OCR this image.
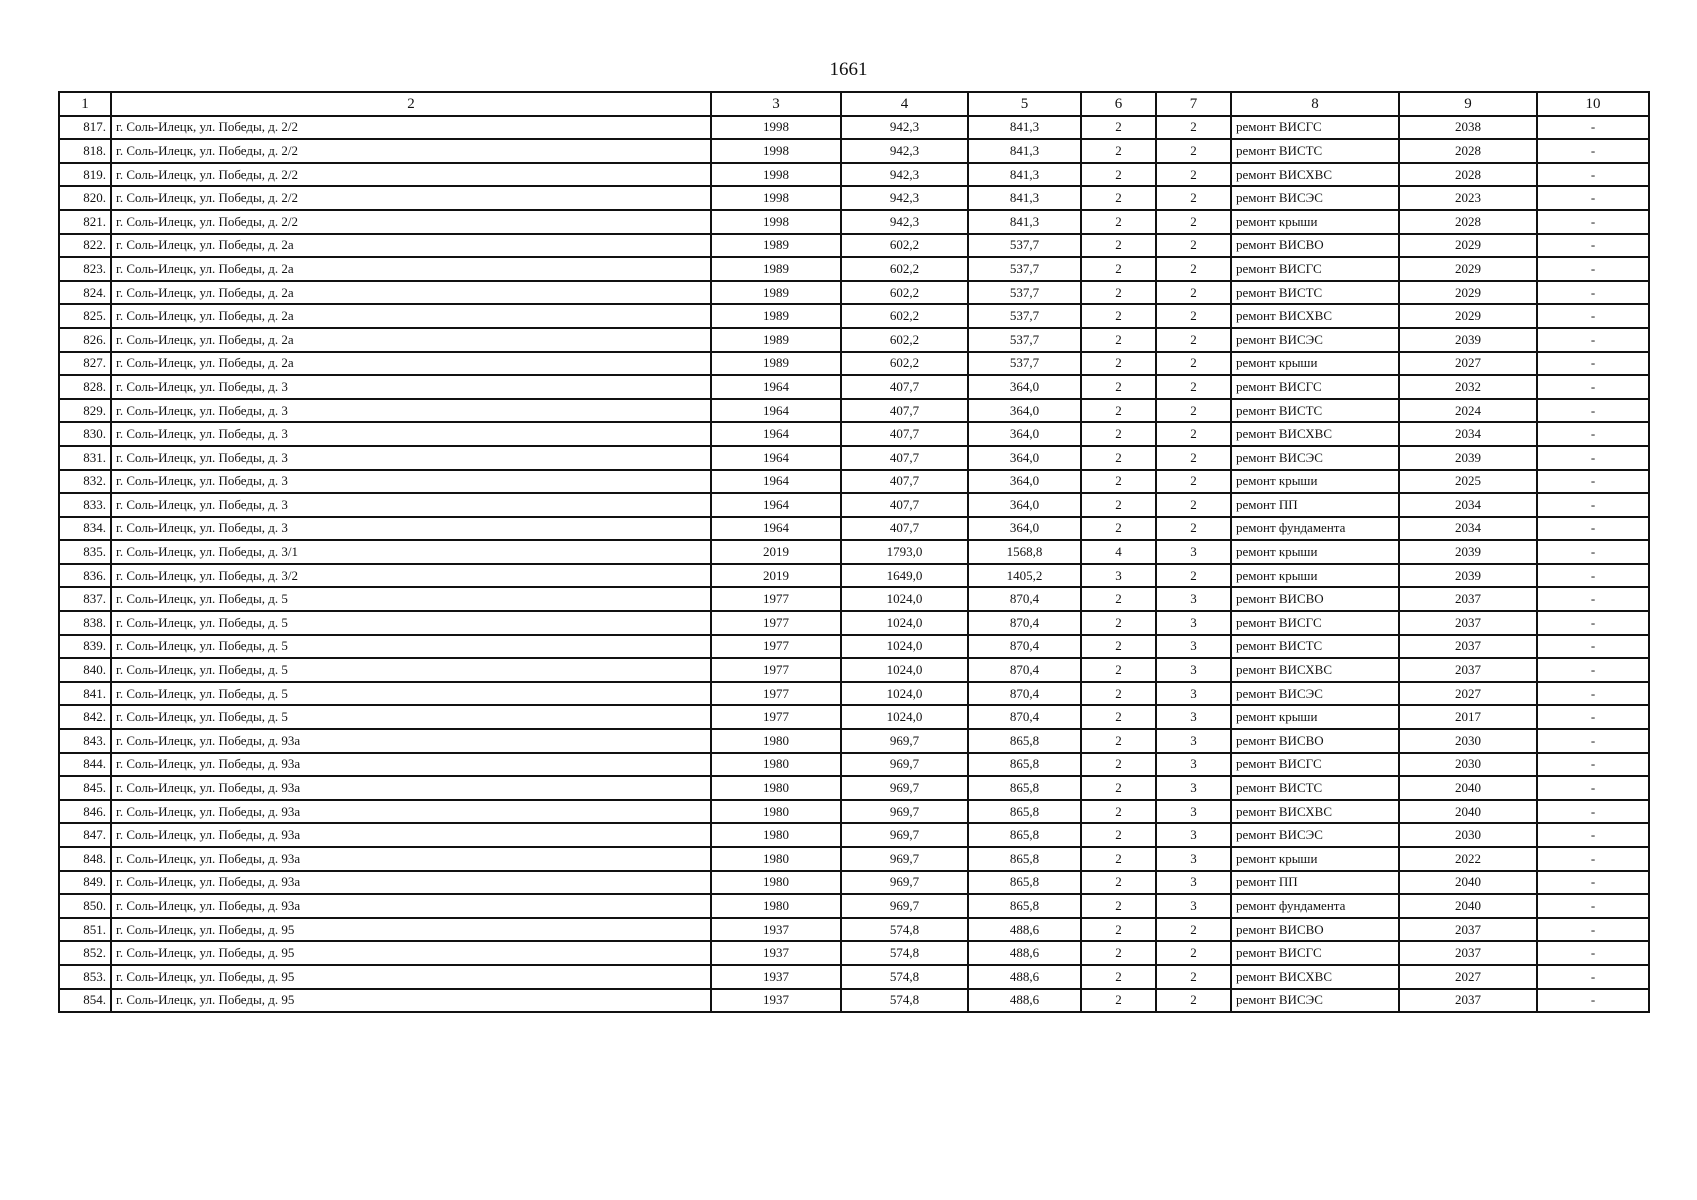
1661
1	2	3	4	5	6	7	8	9	10
817.	г. Соль-Илецк, ул. Победы, д. 2/2	1998	942,3	841,3	2	2	ремонт ВИСГС	2038	-
818.	г. Соль-Илецк, ул. Победы, д. 2/2	1998	942,3	841,3	2	2	ремонт ВИСТС	2028	-
819.	г. Соль-Илецк, ул. Победы, д. 2/2	1998	942,3	841,3	2	2	ремонт ВИСХВС	2028	-
820.	г. Соль-Илецк, ул. Победы, д. 2/2	1998	942,3	841,3	2	2	ремонт ВИСЭС	2023	-
821.	г. Соль-Илецк, ул. Победы, д. 2/2	1998	942,3	841,3	2	2	ремонт крыши	2028	-
822.	г. Соль-Илецк, ул. Победы, д. 2а	1989	602,2	537,7	2	2	ремонт ВИСВО	2029	-
823.	г. Соль-Илецк, ул. Победы, д. 2а	1989	602,2	537,7	2	2	ремонт ВИСГС	2029	-
824.	г. Соль-Илецк, ул. Победы, д. 2а	1989	602,2	537,7	2	2	ремонт ВИСТС	2029	-
825.	г. Соль-Илецк, ул. Победы, д. 2а	1989	602,2	537,7	2	2	ремонт ВИСХВС	2029	-
826.	г. Соль-Илецк, ул. Победы, д. 2а	1989	602,2	537,7	2	2	ремонт ВИСЭС	2039	-
827.	г. Соль-Илецк, ул. Победы, д. 2а	1989	602,2	537,7	2	2	ремонт крыши	2027	-
828.	г. Соль-Илецк, ул. Победы, д. 3	1964	407,7	364,0	2	2	ремонт ВИСГС	2032	-
829.	г. Соль-Илецк, ул. Победы, д. 3	1964	407,7	364,0	2	2	ремонт ВИСТС	2024	-
830.	г. Соль-Илецк, ул. Победы, д. 3	1964	407,7	364,0	2	2	ремонт ВИСХВС	2034	-
831.	г. Соль-Илецк, ул. Победы, д. 3	1964	407,7	364,0	2	2	ремонт ВИСЭС	2039	-
832.	г. Соль-Илецк, ул. Победы, д. 3	1964	407,7	364,0	2	2	ремонт крыши	2025	-
833.	г. Соль-Илецк, ул. Победы, д. 3	1964	407,7	364,0	2	2	ремонт ПП	2034	-
834.	г. Соль-Илецк, ул. Победы, д. 3	1964	407,7	364,0	2	2	ремонт фундамента	2034	-
835.	г. Соль-Илецк, ул. Победы, д. 3/1	2019	1793,0	1568,8	4	3	ремонт крыши	2039	-
836.	г. Соль-Илецк, ул. Победы, д. 3/2	2019	1649,0	1405,2	3	2	ремонт крыши	2039	-
837.	г. Соль-Илецк, ул. Победы, д. 5	1977	1024,0	870,4	2	3	ремонт ВИСВО	2037	-
838.	г. Соль-Илецк, ул. Победы, д. 5	1977	1024,0	870,4	2	3	ремонт ВИСГС	2037	-
839.	г. Соль-Илецк, ул. Победы, д. 5	1977	1024,0	870,4	2	3	ремонт ВИСТС	2037	-
840.	г. Соль-Илецк, ул. Победы, д. 5	1977	1024,0	870,4	2	3	ремонт ВИСХВС	2037	-
841.	г. Соль-Илецк, ул. Победы, д. 5	1977	1024,0	870,4	2	3	ремонт ВИСЭС	2027	-
842.	г. Соль-Илецк, ул. Победы, д. 5	1977	1024,0	870,4	2	3	ремонт крыши	2017	-
843.	г. Соль-Илецк, ул. Победы, д. 93а	1980	969,7	865,8	2	3	ремонт ВИСВО	2030	-
844.	г. Соль-Илецк, ул. Победы, д. 93а	1980	969,7	865,8	2	3	ремонт ВИСГС	2030	-
845.	г. Соль-Илецк, ул. Победы, д. 93а	1980	969,7	865,8	2	3	ремонт ВИСТС	2040	-
846.	г. Соль-Илецк, ул. Победы, д. 93а	1980	969,7	865,8	2	3	ремонт ВИСХВС	2040	-
847.	г. Соль-Илецк, ул. Победы, д. 93а	1980	969,7	865,8	2	3	ремонт ВИСЭС	2030	-
848.	г. Соль-Илецк, ул. Победы, д. 93а	1980	969,7	865,8	2	3	ремонт крыши	2022	-
849.	г. Соль-Илецк, ул. Победы, д. 93а	1980	969,7	865,8	2	3	ремонт ПП	2040	-
850.	г. Соль-Илецк, ул. Победы, д. 93а	1980	969,7	865,8	2	3	ремонт фундамента	2040	-
851.	г. Соль-Илецк, ул. Победы, д. 95	1937	574,8	488,6	2	2	ремонт ВИСВО	2037	-
852.	г. Соль-Илецк, ул. Победы, д. 95	1937	574,8	488,6	2	2	ремонт ВИСГС	2037	-
853.	г. Соль-Илецк, ул. Победы, д. 95	1937	574,8	488,6	2	2	ремонт ВИСХВС	2027	-
854.	г. Соль-Илецк, ул. Победы, д. 95	1937	574,8	488,6	2	2	ремонт ВИСЭС	2037	-
